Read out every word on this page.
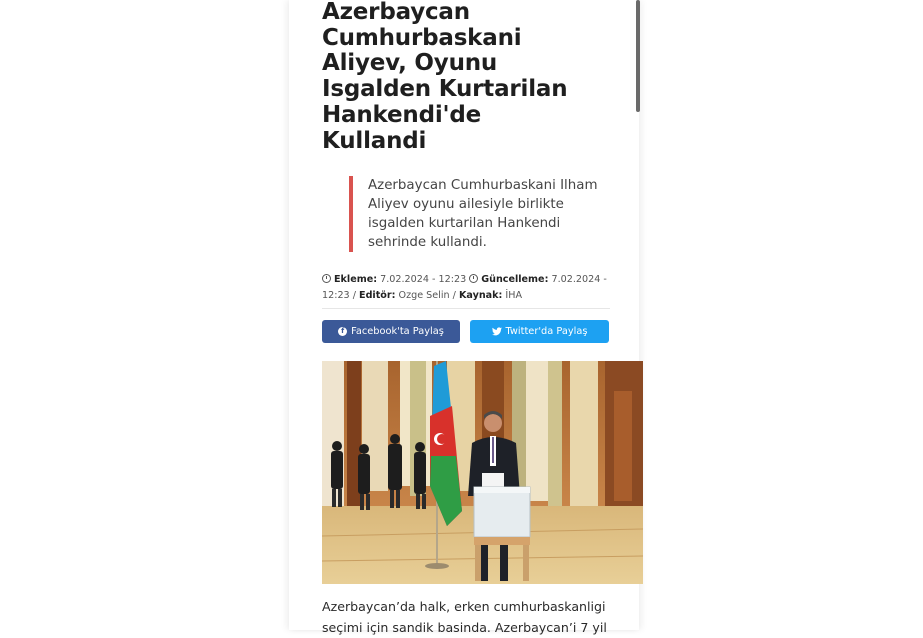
Azerbaycan
Cumhurbaskani
Aliyev, Oyunu
Isgalden Kurtarilan
Hankendi'de
Kullandi
Azerbaycan Cumhurbaskani Ilham
Aliyev oyunu ailesiyle birlikte
isgalden kurtarilan Hankendi
sehrinde kullandi.
Ekleme: 7.02.2024 - 12:23 Güncelleme: 7.02.2024 -
12:23 / Editör: Ozge Selin / Kaynak: İHA
f Facebook'ta Paylaş	Twitter'da Paylaş
Azerbaycan’da halk, erken cumhurbaskanligi
seçimi için sandik basinda. Azerbaycan’i 7 yil
